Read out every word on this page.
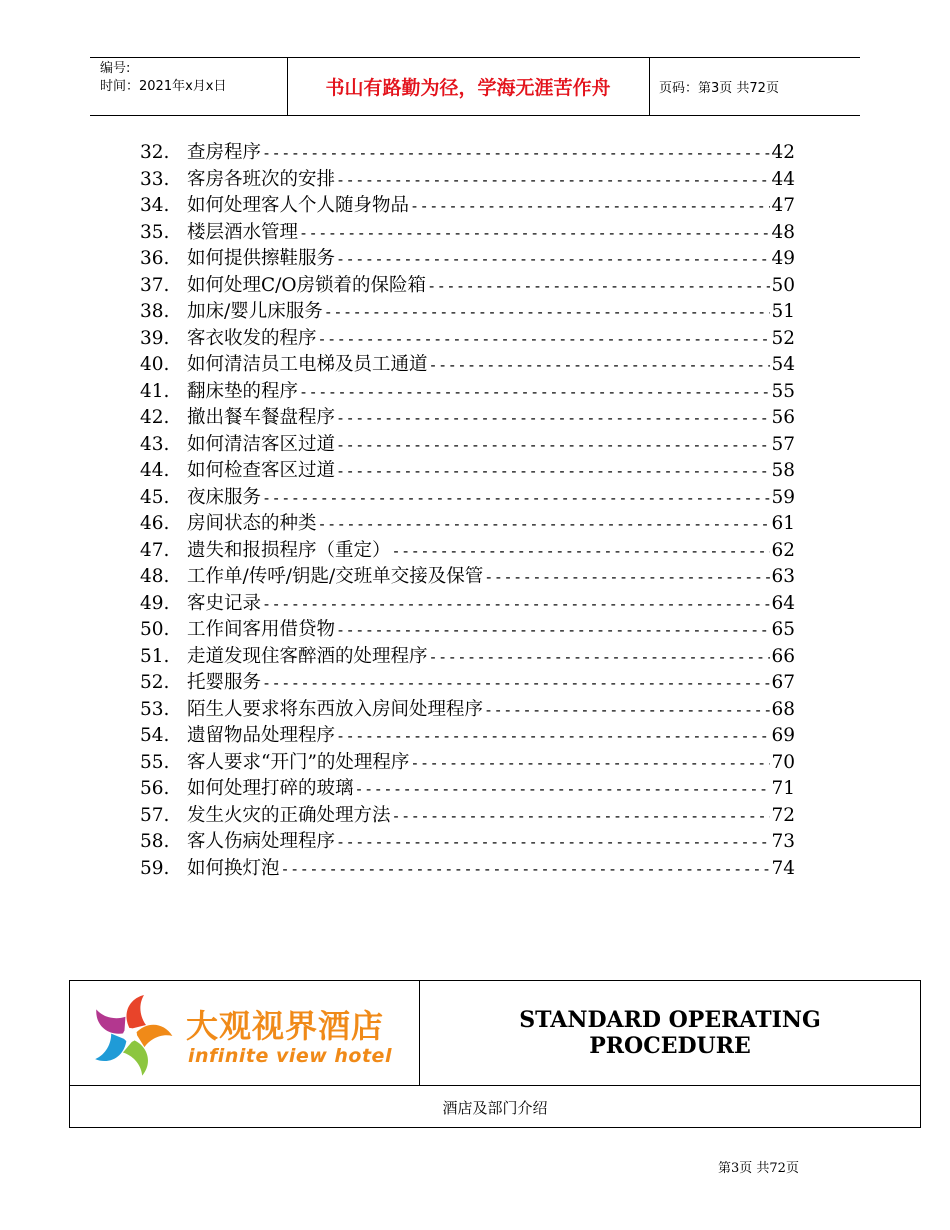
编号:
时间：2021年x月x日	书山有路勤为径，学海无涯苦作舟	页码：第3页 共72页
32. 查房程序 -----	42
33. 客房各班次的安排 -----	44
34. 如何处理客人个人随身物品 -----	47
35. 楼层酒水管理 -----	48
36. 如何提供擦鞋服务 -----	49
37. 如何处理C/O房锁着的保险箱 -----	50
38. 加床/婴儿床服务 -----	51
39. 客衣收发的程序 -----	52
40. 如何清洁员工电梯及员工通道 -----	54
41. 翻床垫的程序 -----	55
42. 撤出餐车餐盘程序 -----	56
43. 如何清洁客区过道 -----	57
44. 如何检查客区过道 -----	58
45. 夜床服务 -----	59
46. 房间状态的种类 -----	61
47. 遗失和报损程序（重定） -----	62
48. 工作单/传呼/钥匙/交班单交接及保管 -----	63
49. 客史记录 -----	64
50. 工作间客用借贷物 -----	65
51. 走道发现住客醉酒的处理程序 -----	66
52. 托婴服务 -----	67
53. 陌生人要求将东西放入房间处理程序 -----	68
54. 遗留物品处理程序 -----	69
55. 客人要求“开门”的处理程序 -----	70
56. 如何处理打碎的玻璃 -----	71
57. 发生火灾的正确处理方法 -----	72
58. 客人伤病处理程序 -----	73
59. 如何换灯泡 -----	74
大观视界酒店
infinite view hotel
STANDARD OPERATING
PROCEDURE
酒店及部门介绍
第3页 共72页
